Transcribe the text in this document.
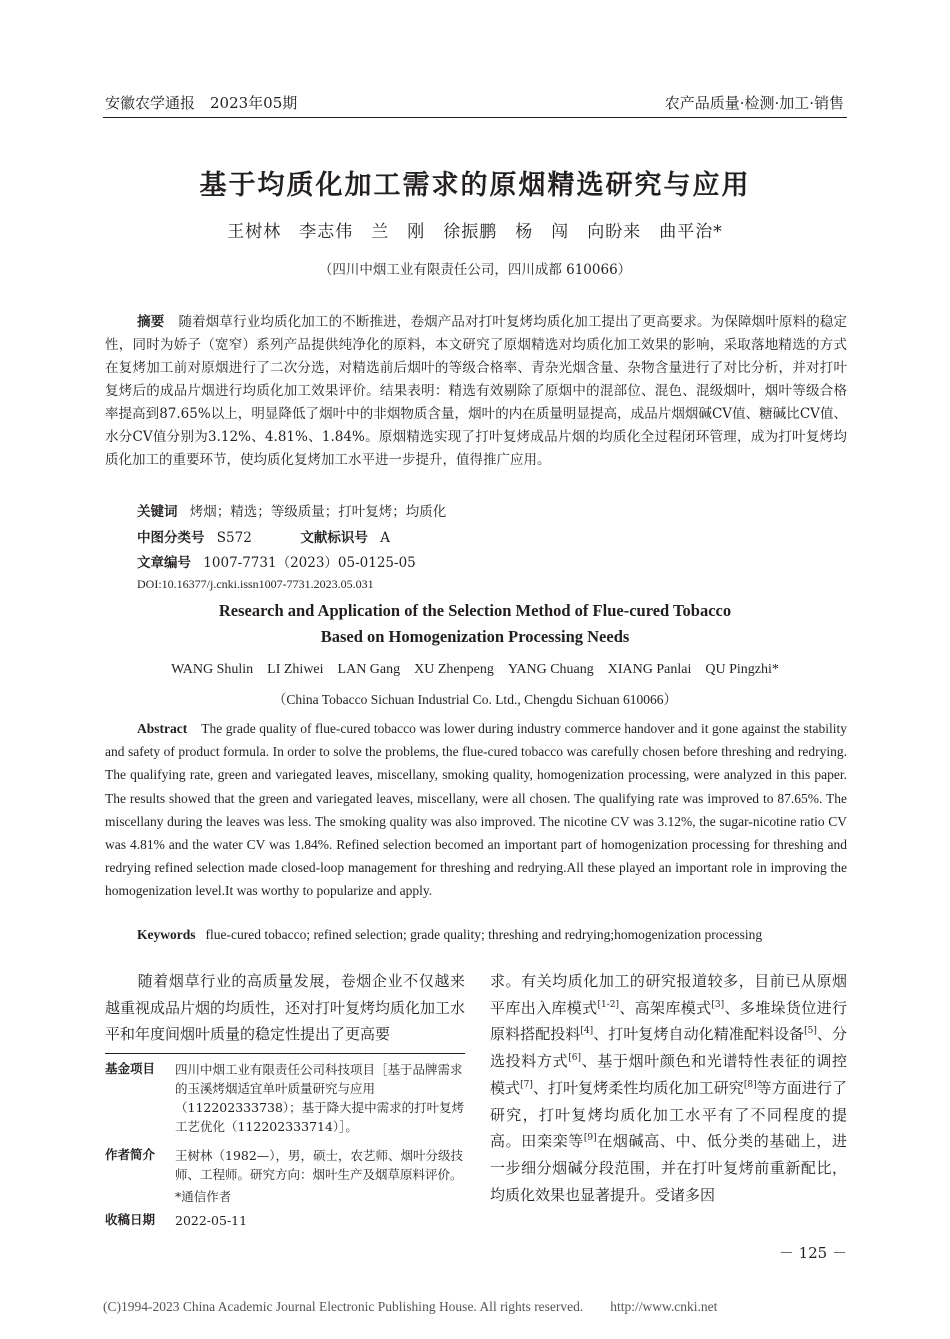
安徽农学通报　2023年05期	农产品质量·检测·加工·销售
基于均质化加工需求的原烟精选研究与应用
王树林　李志伟　兰　刚　徐振鹏　杨　闯　向盼来　曲平治*
（四川中烟工业有限责任公司，四川成都 610066）
摘要 随着烟草行业均质化加工的不断推进，卷烟产品对打叶复烤均质化加工提出了更高要求。为保障烟叶原料的稳定性，同时为娇子（宽窄）系列产品提供纯净化的原料，本文研究了原烟精选对均质化加工效果的影响，采取落地精选的方式在复烤加工前对原烟进行了二次分选，对精选前后烟叶的等级合格率、青杂光烟含量、杂物含量进行了对比分析，并对打叶复烤后的成品片烟进行均质化加工效果评价。结果表明：精选有效剔除了原烟中的混部位、混色、混级烟叶，烟叶等级合格率提高到87.65%以上，明显降低了烟叶中的非烟物质含量，烟叶的内在质量明显提高，成品片烟烟碱CV值、糖碱比CV值、水分CV值分别为3.12%、4.81%、1.84%。原烟精选实现了打叶复烤成品片烟的均质化全过程闭环管理，成为打叶复烤均质化加工的重要环节，使均质化复烤加工水平进一步提升，值得推广应用。
关键词 烤烟；精选；等级质量；打叶复烤；均质化
中图分类号 S572	文献标识号 A
文章编号 1007-7731（2023）05-0125-05
DOI:10.16377/j.cnki.issn1007-7731.2023.05.031
Research and Application of the Selection Method of Flue-cured Tobacco
Based on Homogenization Processing Needs
WANG Shulin　LI Zhiwei　LAN Gang　XU Zhenpeng　YANG Chuang　XIANG Panlai　QU Pingzhi*
（China Tobacco Sichuan Industrial Co. Ltd., Chengdu Sichuan 610066）
Abstract The grade quality of flue-cured tobacco was lower during industry commerce handover and it gone against the stability and safety of product formula. In order to solve the problems, the flue-cured tobacco was carefully chosen before threshing and redrying. The qualifying rate, green and variegated leaves, miscellany, smoking quality, homogenization processing, were analyzed in this paper. The results showed that the green and variegated leaves, miscellany, were all chosen. The qualifying rate was improved to 87.65%. The miscellany during the leaves was less. The smoking quality was also improved. The nicotine CV was 3.12%, the sugar-nicotine ratio CV was 4.81% and the water CV was 1.84%. Refined selection becomed an important part of homogenization processing for threshing and redrying refined selection made closed-loop management for threshing and redrying.All these played an important role in improving the homogenization level.It was worthy to popularize and apply.
Keywords flue-cured tobacco; refined selection; grade quality; threshing and redrying;homogenization processing
随着烟草行业的高质量发展，卷烟企业不仅越来越重视成品片烟的均质性，还对打叶复烤均质化加工水平和年度间烟叶质量的稳定性提出了更高要
基金项目 四川中烟工业有限责任公司科技项目［基于品牌需求的玉溪烤烟适宜单叶质量研究与应用（112202333738）；基于降大提中需求的打叶复烤工艺优化（112202333714）］。
作者简介 王树林（1982—），男，硕士，农艺师、烟叶分级技师、工程师。研究方向：烟叶生产及烟草原料评价。
*通信作者
收稿日期 2022-05-11
求。有关均质化加工的研究报道较多，目前已从原烟平库出入库模式[1-2]、高架库模式[3]、多堆垛货位进行原料搭配投料[4]、打叶复烤自动化精准配料设备[5]、分选投料方式[6]、基于烟叶颜色和光谱特性表征的调控模式[7]、打叶复烤柔性均质化加工研究[8]等方面进行了研究，打叶复烤均质化加工水平有了不同程度的提高。田栾栾等[9]在烟碱高、中、低分类的基础上，进一步细分烟碱分段范围，并在打叶复烤前重新配比，均质化效果也显著提升。受诸多因
－ 125 －
(C)1994-2023 China Academic Journal Electronic Publishing House. All rights reserved.　　http://www.cnki.net
